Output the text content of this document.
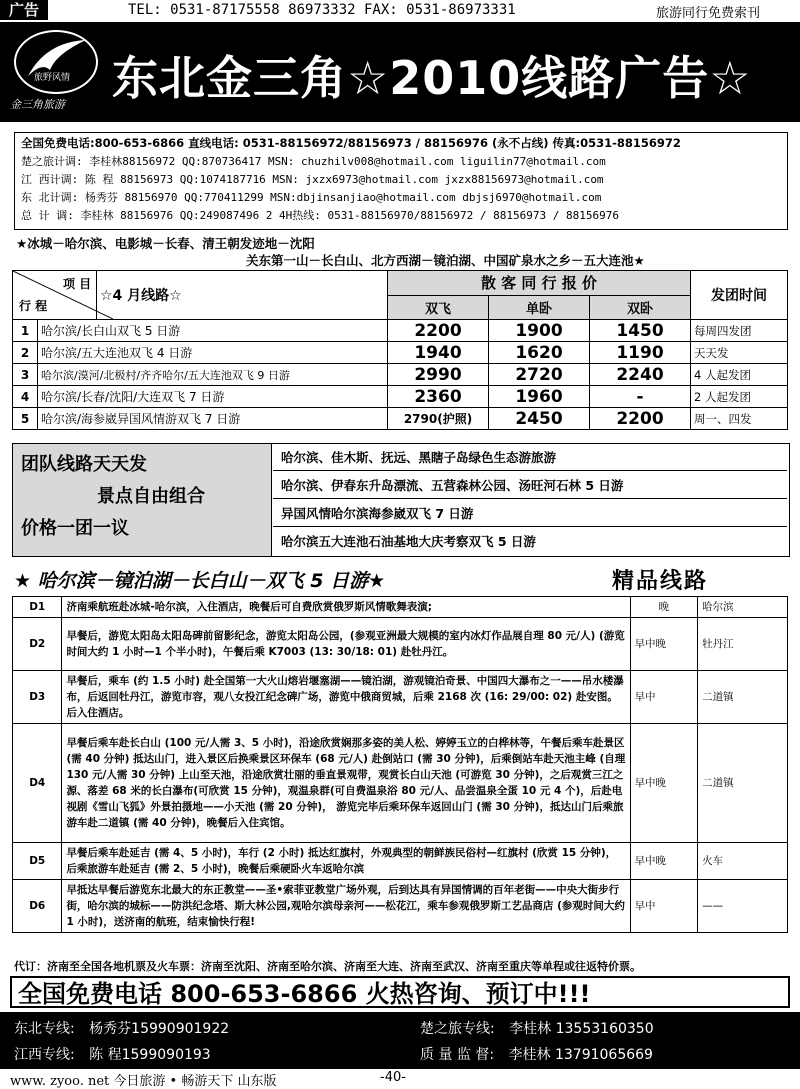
广告	TEL: 0531-87175558 86973332 FAX: 0531-86973331	旅游同行免费索刊
旅野风情
金三角旅游 东北金三角☆2010线路广告☆
全国免费电话:800-653-6866 直线电话: 0531-88156972/88156973 / 88156976 (永不占线) 传真:0531-88156972
楚之旅计调: 李桂林88156972 QQ:870736417 MSN: chuzhilv008@hotmail.com liguilin77@hotmail.com
江 西计调: 陈 程 88156973 QQ:1074187716 MSN: jxzx6973@hotmail.com jxzx88156973@hotmail.com
东 北计调: 杨秀芬 88156970 QQ:770411299 MSN:dbjinsanjiao@hotmail.com dbjsj6970@hotmail.com
总 计 调: 李桂林 88156976 QQ:249087496 2 4H热线: 0531-88156970/88156972 / 88156973 / 88156976
★冰城－哈尔滨、电影城－长春、清王朝发迹地－沈阳
关东第一山－长白山、北方西湖－镜泊湖、中国矿泉水之乡－五大连池★
项 目
行 程		☆4 月线路☆	散 客 同 行 报 价			发团时间
			双飞	单卧	双卧	
1	哈尔滨/长白山双飞 5 日游		2200	1900	1450	每周四发团
2	哈尔滨/五大连池双飞 4 日游		1940	1620	1190	天天发
3	哈尔滨/漠河/北极村/齐齐哈尔/五大连池双飞 9 日游		2990	2720	2240	4 人起发团
4	哈尔滨/长春/沈阳/大连双飞 7 日游		2360	1960	-	2 人起发团
5	哈尔滨/海参崴异国风情游双飞 7 日游		2790(护照)	2450	2200	周一、四发
团队线路天天发
景点自由组合
价格一团一议
哈尔滨、佳木斯、抚远、黑瞎子岛绿色生态游旅游
哈尔滨、伊春东升岛漂流、五营森林公园、汤旺河石林 5 日游
异国风情哈尔滨海参崴双飞 7 日游
哈尔滨五大连池石油基地大庆考察双飞 5 日游
★ 哈尔滨－镜泊湖－长白山－双飞 5 日游★	精品线路
D1	济南乘航班赴冰城-哈尔滨，入住酒店，晚餐后可自费欣赏俄罗斯风情歌舞表演;	晚	哈尔滨
D2	早餐后，游览太阳岛太阳岛碑前留影纪念，游览太阳岛公园，(参观亚洲最大规模的室内冰灯作品展自理 80 元/人) (游览时间大约 1 小时—1 个半小时)，午餐后乘 K7003 (13: 30/18: 01) 赴牡丹江。	早中晚	牡丹江
D3	早餐后，乘车 (约 1.5 小时) 赴全国第一大火山熔岩堰塞湖——镜泊湖，游观镜泊奇景、中国四大瀑布之一——吊水楼瀑布，后返回牡丹江，游览市容，观八女投江纪念碑广场，游览中俄商贸城，后乘 2168 次 (16: 29/00: 02) 赴安图。后入住酒店。	早中	二道镇
D4	早餐后乘车赴长白山 (100 元/人需 3、5 小时)，沿途欣赏娴那多姿的美人松、婷婷玉立的白桦林等，午餐后乘车赴景区 (需 40 分钟) 抵达山门，进入景区后换乘景区环保车 (68 元/人) 赴倒站口 (需 30 分钟)，后乘倒站车赴天池主峰 (自理 130 元/人需 30 分钟) 上山至天池，沿途欣赏壮丽的垂直景观带，观赏长白山天池 (可游览 30 分钟)，之后观赏三江之源、落差 68 米的长白瀑布(可欣赏 15 分钟)，观温泉群(可自费温泉浴 80 元/人、品尝温泉全蛋 10 元 4 个)，后赴电视剧《雪山飞狐》外景拍摄地——小天池 (需 20 分钟)， 游览完毕后乘环保车返回山门 (需 30 分钟)，抵达山门后乘旅游车赴二道镇 (需 40 分钟)，晚餐后入住宾馆。	早中晚	二道镇
D5	早餐后乘车赴延吉 (需 4、5 小时)，车行 (2 小时) 抵达红旗村，外观典型的朝鲜族民俗村—红旗村 (欣赏 15 分钟)，后乘旅游车赴延吉 (需 2、5 小时)，晚餐后乘硬卧火车返哈尔滨	早中晚	火车
D6	早抵达早餐后游览东北最大的东正教堂——圣•索菲亚教堂广场外观，后到达具有异国情调的百年老街——中央大街步行街，哈尔滨的城标——防洪纪念塔、斯大林公园,观哈尔滨母亲河——松花江，乘车参观俄罗斯工艺品商店 (参观时间大约 1 小时)，送济南的航班，结束愉快行程!	早中	——
代订：济南至全国各地机票及火车票：济南至沈阳、济南至哈尔滨、济南至大连、济南至武汉、济南至重庆等单程或往返特价票。
全国免费电话 800-653-6866 火热咨询、预订中!!!
东北专线: 杨秀芬15990901922	楚之旅专线: 李桂林 13553160350
江西专线: 陈 程1599090193	质 量 监 督: 李桂林 13791065669
www. zyoo. net 今日旅游 • 畅游天下 山东版	-40-
